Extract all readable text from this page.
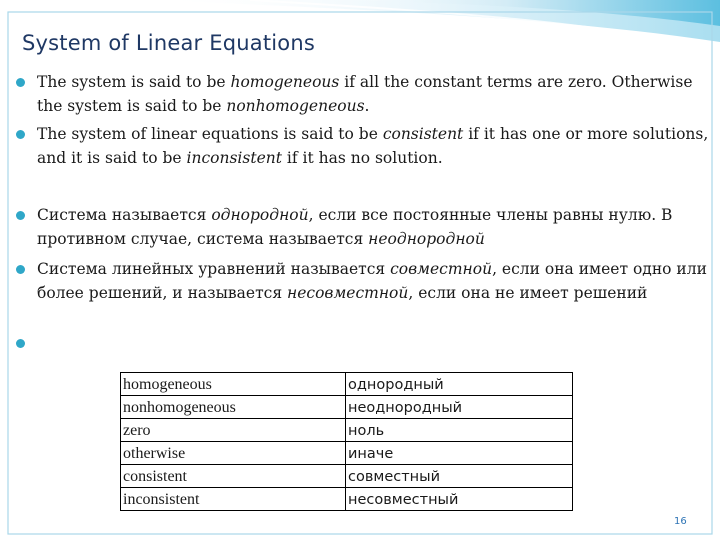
System of Linear Equations
The system is said to be homogeneous if all the constant terms are zero. Otherwise the system is said to be nonhomogeneous.
The system of linear equations is said to be consistent if it has one or more solutions, and it is said to be inconsistent if it has no solution.
Система называется однородной, если все постоянные члены равны нулю. В противном случае, система называется неоднородной
Система линейных уравнений называется совместной, если она имеет одно или более решений, и называется несовместной, если она не имеет решений
homogeneous	однородный
nonhomogeneous	неоднородный
zero	ноль
otherwise	иначе
consistent	совместный
inconsistent	несовместный
16
